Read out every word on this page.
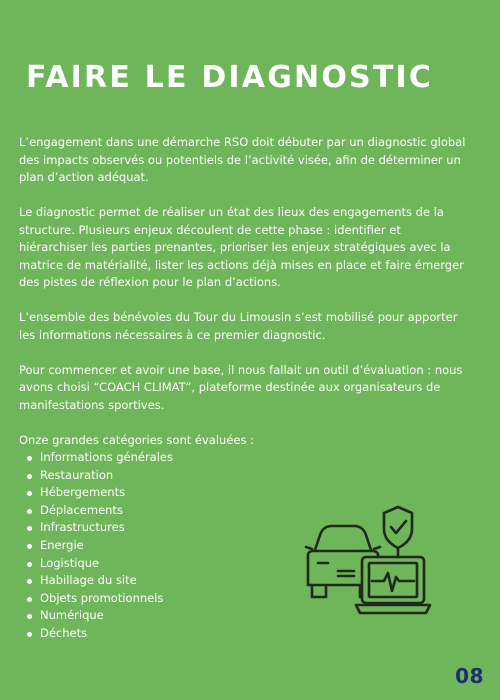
FAIRE LE DIAGNOSTIC

L’engagement dans une démarche RSO doit débuter par un diagnostic global des impacts observés ou potentiels de l’activité visée, afin de déterminer un plan d’action adéquat.

Le diagnostic permet de réaliser un état des lieux des engagements de la structure. Plusieurs enjeux découlent de cette phase : identifier et hiérarchiser les parties prenantes, prioriser les enjeux stratégiques avec la matrice de matérialité, lister les actions déjà mises en place et faire émerger des pistes de réflexion pour le plan d’actions.

L’ensemble des bénévoles du Tour du Limousin s’est mobilisé pour apporter les informations nécessaires à ce premier diagnostic.

Pour commencer et avoir une base, il nous fallait un outil d’évaluation : nous avons choisi “COACH CLIMAT”, plateforme destinée aux organisateurs de manifestations sportives.

Onze grandes catégories sont évaluées :
Informations générales
Restauration
Hébergements
Déplacements
Infrastructures
Energie
Logistique
Habillage du site
Objets promotionnels
Numérique
Déchets
08
